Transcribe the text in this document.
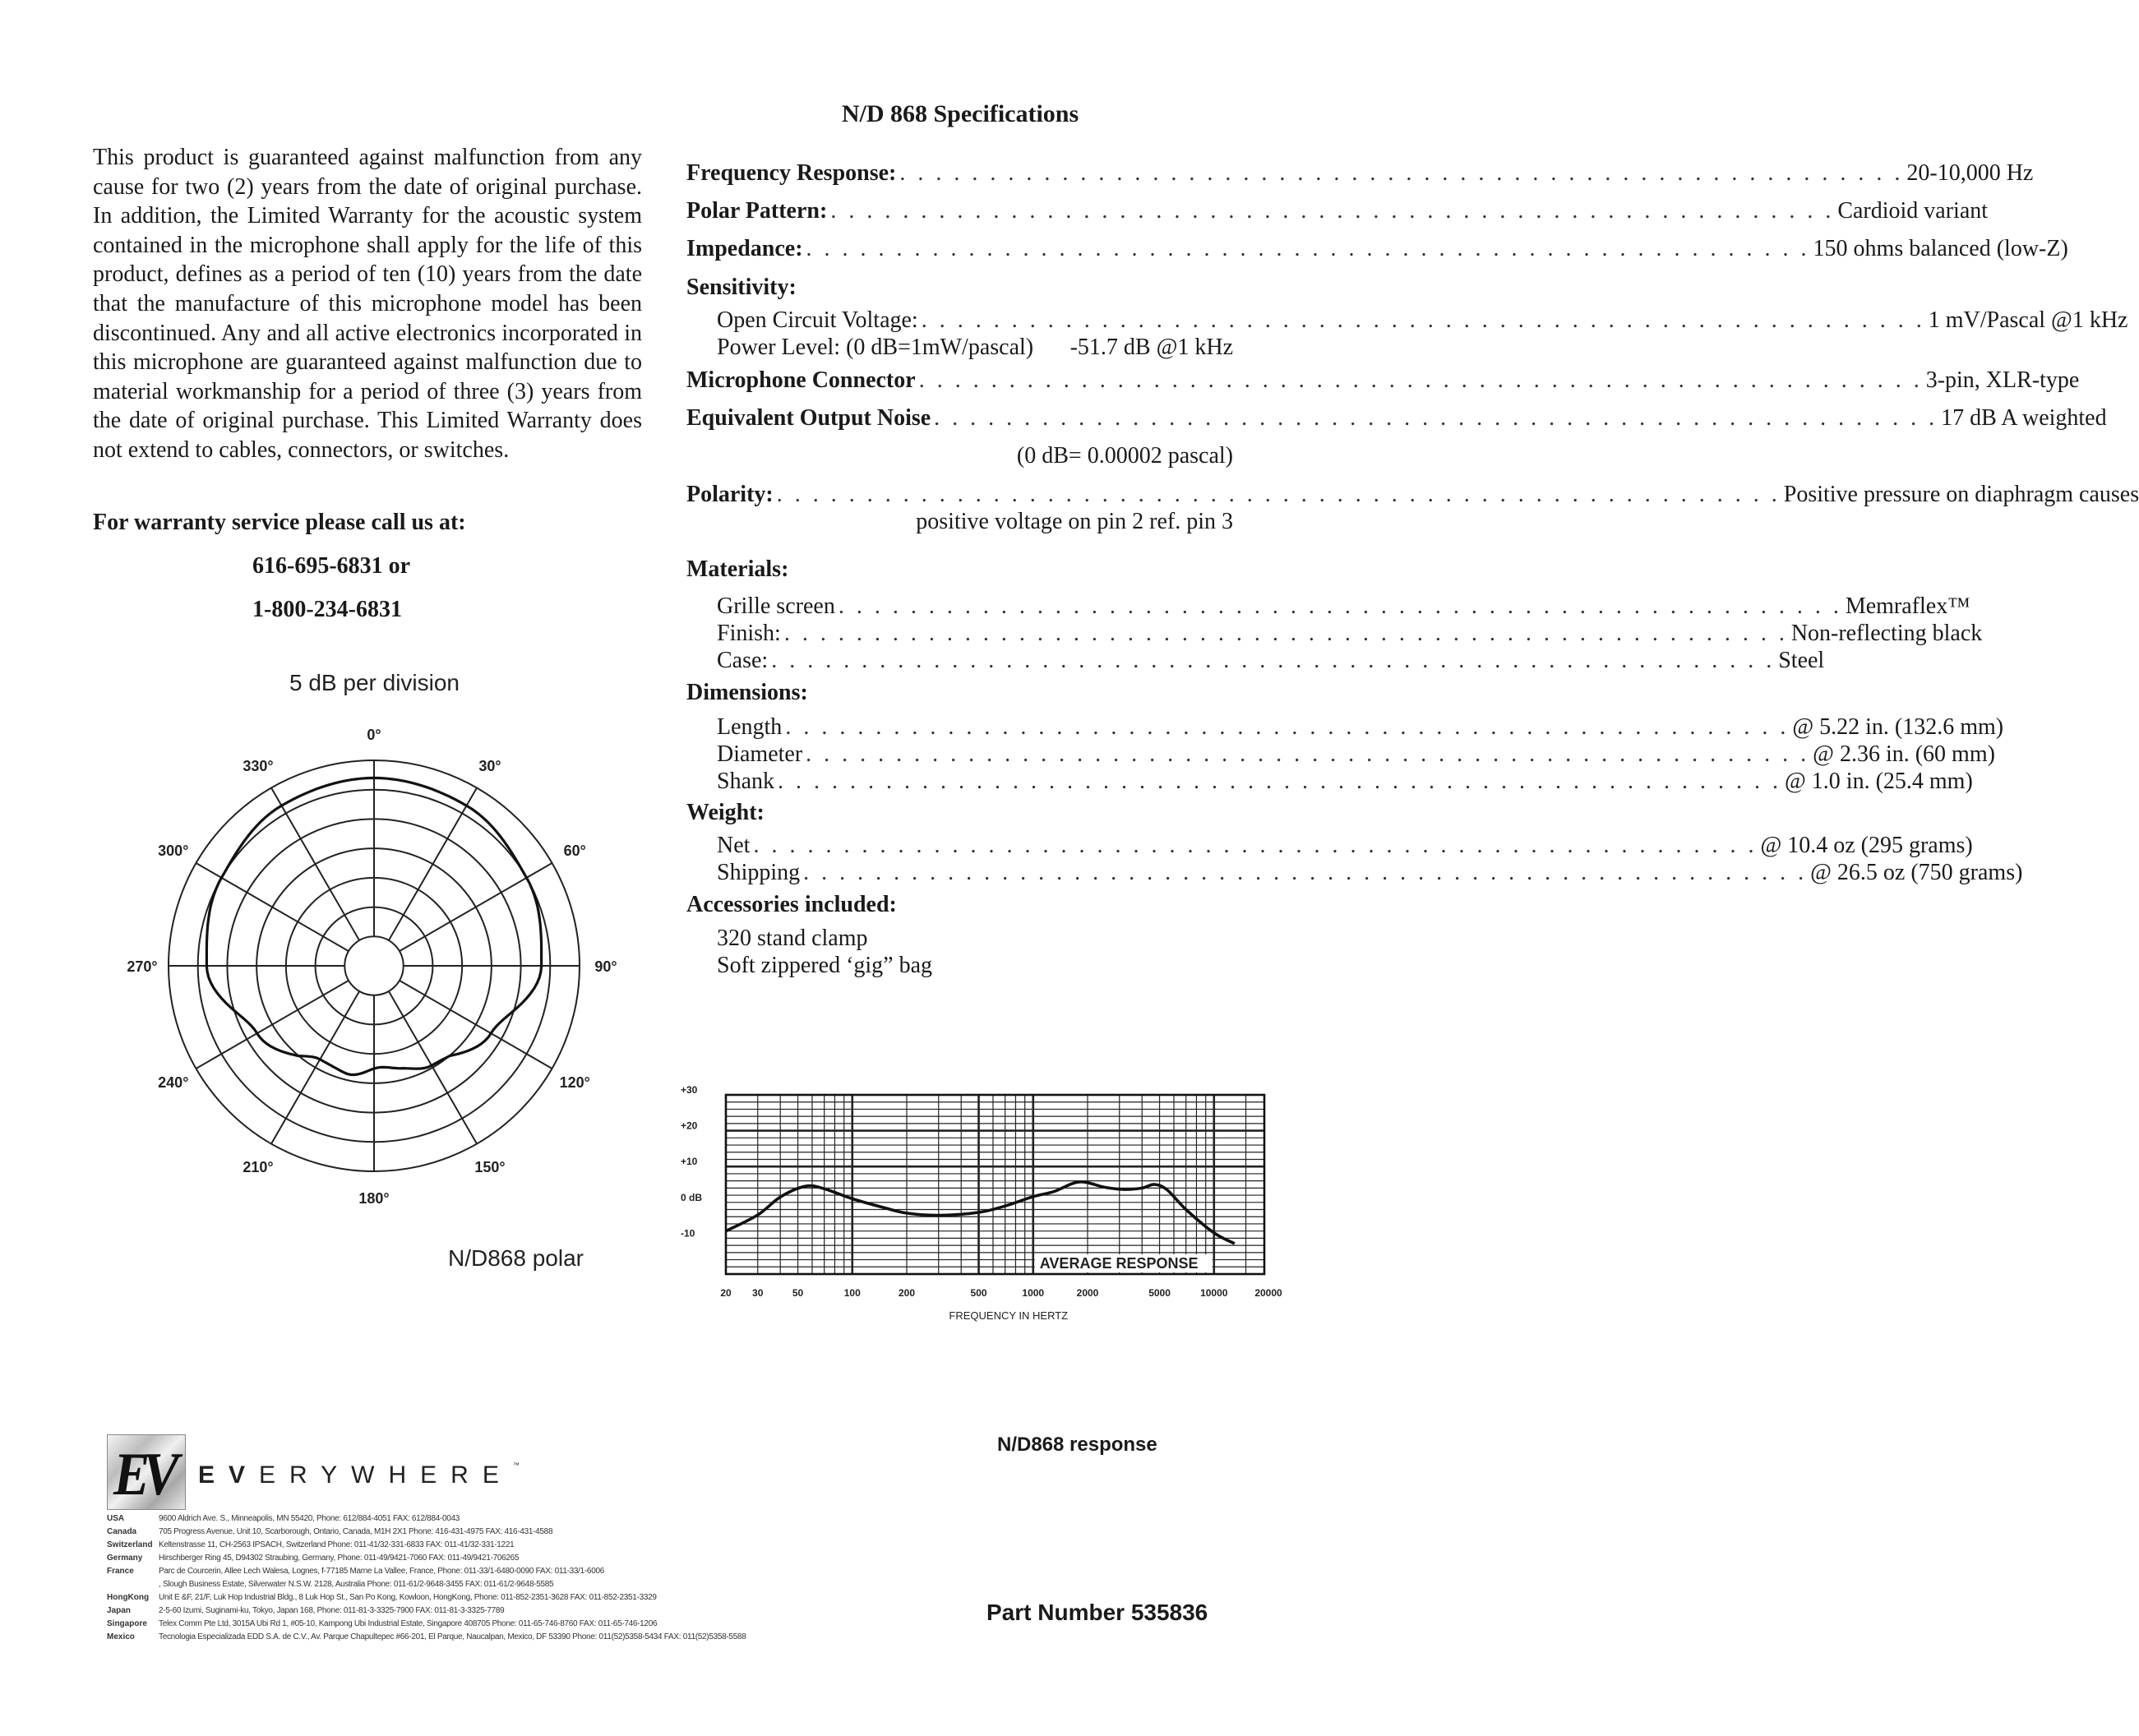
This product is guaranteed against malfunction from any cause for two (2) years from the date of original purchase. In addition, the Limited Warranty for the acoustic system contained in the microphone shall apply for the life of this product, defines as a period of ten (10) years from the date that the manufacture of this microphone model has been discontinued. Any and all active electronics incorporated in this microphone are guaranteed against malfunction due to material workmanship for a period of three (3) years from the date of original purchase. This Limited Warranty does not extend to cables, connectors, or switches.
For warranty service please call us at:
616-695-6831 or
1-800-234-6831
5 dB per division
0°
30°
60°
90°
120°
150°
180°
210°
240°
270°
300°
330°
N/D868 polar
N/D 868 Specifications
Frequency Response: . . .	20-10,000 Hz
Polar Pattern: . . .	Cardioid variant
Impedance: . . .	150 ohms balanced (low-Z)
Sensitivity:
Open Circuit Voltage: . . .	1 mV/Pascal @1 kHz
Power Level: (0 dB=1mW/pascal) -51.7 dB @1 kHz
Microphone Connector . . .	3-pin, XLR-type
Equivalent Output Noise . . .	17 dB A weighted
(0 dB= 0.00002 pascal)
Polarity: . . .	Positive pressure on diaphragm causes
positive voltage on pin 2 ref. pin 3
Materials:
Grille screen . . .	Memraflex™
Finish: . . .	Non-reflecting black
Case: . . .	Steel
Dimensions:
Length . . .	@ 5.22 in. (132.6 mm)
Diameter . . .	@ 2.36 in. (60 mm)
Shank . . .	@ 1.0 in. (25.4 mm)
Weight:
Net . . .	@ 10.4 oz (295 grams)
Shipping . . .	@ 26.5 oz (750 grams)
Accessories included:
320 stand clamp
Soft zippered ‘gig” bag
AVERAGE RESPONSE
+30
+20
+10
0 dB
-10
20 30	50	100	200	500	1000	2000	5000	10000	20000
FREQUENCY IN HERTZ
N/D868 response
EV EVERYWHERE™
USA	9600 Aldrich Ave. S., Minneapolis, MN 55420, Phone: 612/884-4051 FAX: 612/884-0043
Canada	705 Progress Avenue, Unit 10, Scarborough, Ontario, Canada, M1H 2X1 Phone: 416-431-4975 FAX: 416-431-4588
Switzerland Keltenstrasse 11, CH-2563 IPSACH, Switzerland Phone: 011-41/32-331-6833 FAX: 011-41/32-331-1221
Germany Hirschberger Ring 45, D94302 Straubing, Germany, Phone: 011-49/9421-7060 FAX: 011-49/9421-706265
France	Parc de Courcerin, Allee Lech Walesa, Lognes, f-77185 Marne La Vallee, France, Phone: 011-33/1-6480-0090 FAX: 011-33/1-6006
, Slough Business Estate, Silverwater N.S.W. 2128, Australia Phone: 011-61/2-9648-3455 FAX: 011-61/2-9648-5585
HongKong Unit E &F, 21/F, Luk Hop Industrial Bldg., 8 Luk Hop St., San Po Kong, Kowloon, HongKong, Phone: 011-852-2351-3628 FAX: 011-852-2351-3329
Japan	2-5-60 Izumi, Suginami-ku, Tokyo, Japan 168, Phone: 011-81-3-3325-7900 FAX: 011-81-3-3325-7789
Singapore Telex Comm Pte Ltd, 3015A Ubi Rd 1, #05-10, Kampong Ubi Industrial Estate, Singapore 408705 Phone: 011-65-746-8760 FAX: 011-65-746-1206
Mexico	Tecnologia Especializada EDD S.A. de C.V., Av. Parque Chapultepec #66-201, El Parque, Naucalpan, Mexico, DF 53390 Phone: 011(52)5358-5434 FAX: 011(52)5358-5588
Part Number 535836
